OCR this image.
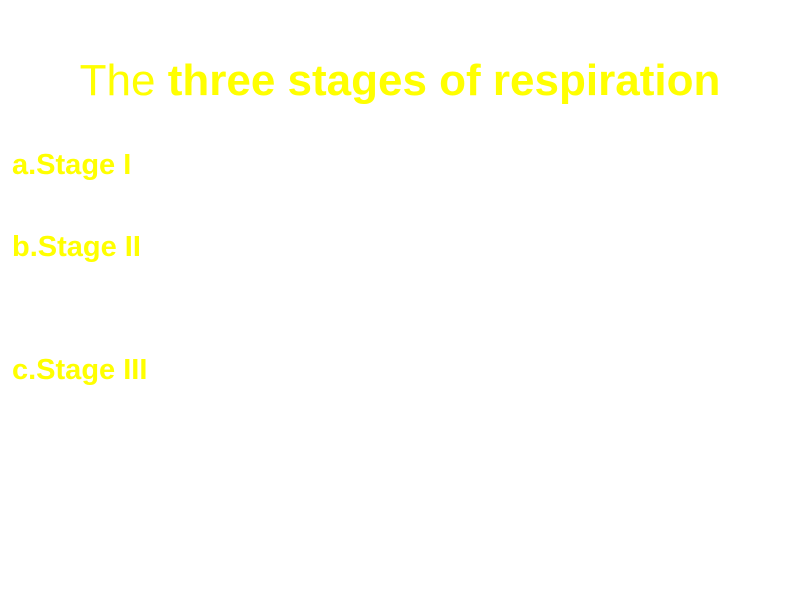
The three stages of respiration
a.Stage I
b.Stage II
c.Stage III
